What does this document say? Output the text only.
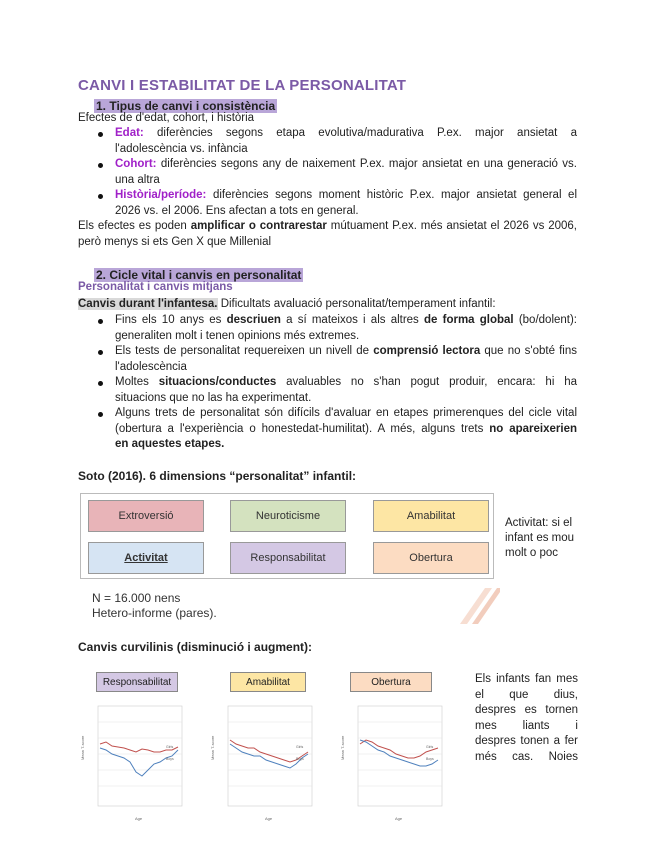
CANVI I ESTABILITAT DE LA PERSONALITAT
1. Tipus de canvi i consistència
Efectes de d'edat, cohort, i història
Edat: diferències segons etapa evolutiva/madurativa P.ex. major ansietat a
l'adolescència vs. infància
Cohort: diferències segons any de naixement P.ex. major ansietat en una generació vs.
una altra
Història/període: diferències segons moment històric P.ex. major ansietat general el
2026 vs. el 2006. Ens afectan a tots en general.
Els efectes es poden amplificar o contrarestar mútuament P.ex. més ansietat el 2026 vs 2006,
però menys si ets Gen X que Millenial
2. Cicle vital i canvis en personalitat
Personalitat i canvis mitjans
Canvis durant l'infantesa. Dificultats avaluació personalitat/temperament infantil:
Fins els 10 anys es descriuen a sí mateixos i als altres de forma global (bo/dolent):
generaliten molt i tenen opinions més extremes.
Els tests de personalitat requereixen un nivell de comprensió lectora que no s'obté fins
l'adolescència
Moltes situacions/conductes avaluables no s'han pogut produir, encara: hi ha
situacions que no las ha experimentat.
Alguns trets de personalitat són difícils d'avaluar en etapes primerenques del cicle vital
(obertura a l'experiència o honestedat-humilitat). A més, alguns trets no apareixerien
en aquestes etapes.
Soto (2016). 6 dimensions “personalitat” infantil:
Extroversió	Neuroticisme	Amabilitat
Activitat	Responsabilitat	Obertura
Activitat: si el
infant es mou
molt o poc
N = 16.000 nens
Hetero-informe (pares).
Canvis curvilinis (disminució i augment):
Responsabilitat	Amabilitat	Obertura
Mean T-score
Age
Girls
Boys	Mean T-score
Age
Girls
Boys	Mean T-score
Age
Girls
Boys
Els infants fan mes
el que dius,
despres es tornen
mes liants i
despres tonen a fer
més cas. Noies
